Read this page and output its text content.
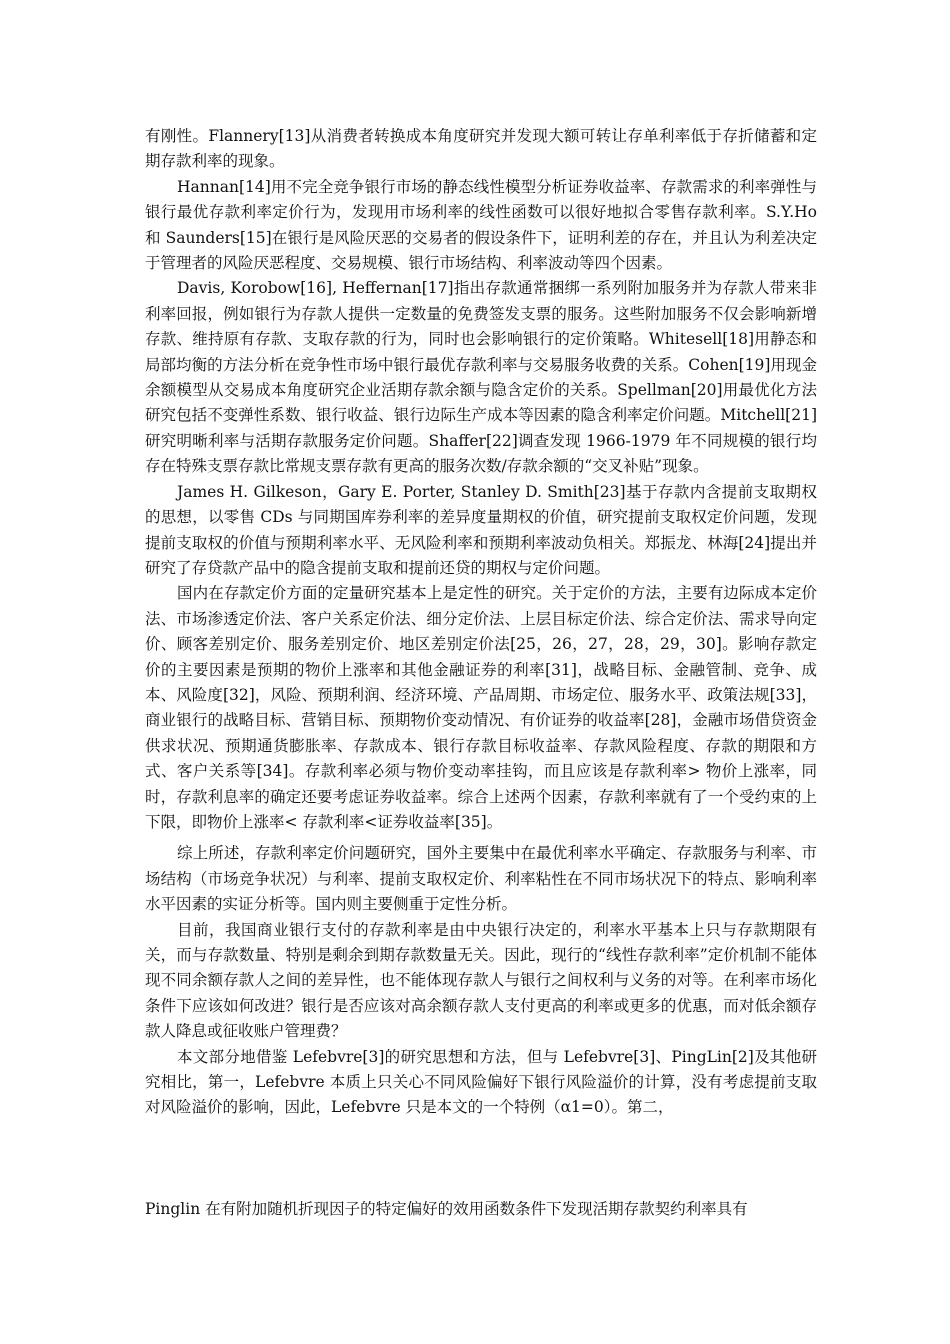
有刚性。Flannery[13]从消费者转换成本角度研究并发现大额可转让存单利率低于存折储蓄和定期存款利率的现象。

Hannan[14]用不完全竞争银行市场的静态线性模型分析证券收益率、存款需求的利率弹性与银行最优存款利率定价行为，发现用市场利率的线性函数可以很好地拟合零售存款利率。S.Y.Ho 和 Saunders[15]在银行是风险厌恶的交易者的假设条件下，证明利差的存在，并且认为利差决定于管理者的风险厌恶程度、交易规模、银行市场结构、利率波动等四个因素。

Davis, Korobow[16], Heffernan[17]指出存款通常捆绑一系列附加服务并为存款人带来非利率回报，例如银行为存款人提供一定数量的免费签发支票的服务。这些附加服务不仅会影响新增存款、维持原有存款、支取存款的行为，同时也会影响银行的定价策略。Whitesell[18]用静态和局部均衡的方法分析在竞争性市场中银行最优存款利率与交易服务收费的关系。Cohen[19]用现金余额模型从交易成本角度研究企业活期存款余额与隐含定价的关系。Spellman[20]用最优化方法研究包括不变弹性系数、银行收益、银行边际生产成本等因素的隐含利率定价问题。Mitchell[21]研究明晰利率与活期存款服务定价问题。Shaffer[22]调查发现 1966-1979 年不同规模的银行均存在特殊支票存款比常规支票存款有更高的服务次数/存款余额的“交叉补贴”现象。

James H. Gilkeson，Gary E. Porter, Stanley D. Smith[23]基于存款内含提前支取期权的思想，以零售 CDs 与同期国库券利率的差异度量期权的价值，研究提前支取权定价问题，发现提前支取权的价值与预期利率水平、无风险利率和预期利率波动负相关。郑振龙、林海[24]提出并研究了存贷款产品中的隐含提前支取和提前还贷的期权与定价问题。

国内在存款定价方面的定量研究基本上是定性的研究。关于定价的方法，主要有边际成本定价法、市场渗透定价法、客户关系定价法、细分定价法、上层目标定价法、综合定价法、需求导向定价、顾客差别定价、服务差别定价、地区差别定价法[25，26，27，28，29，30]。影响存款定价的主要因素是预期的物价上涨率和其他金融证券的利率[31]，战略目标、金融管制、竞争、成本、风险度[32]，风险、预期利润、经济环境、产品周期、市场定位、服务水平、政策法规[33]，商业银行的战略目标、营销目标、预期物价变动情况、有价证券的收益率[28]，金融市场借贷资金供求状况、预期通货膨胀率、存款成本、银行存款目标收益率、存款风险程度、存款的期限和方式、客户关系等[34]。存款利率必须与物价变动率挂钩，而且应该是存款利率> 物价上涨率，同时，存款利息率的确定还要考虑证券收益率。综合上述两个因素，存款利率就有了一个受约束的上下限，即物价上涨率< 存款利率<证券收益率[35]。

综上所述，存款利率定价问题研究，国外主要集中在最优利率水平确定、存款服务与利率、市场结构（市场竞争状况）与利率、提前支取权定价、利率粘性在不同市场状况下的特点、影响利率水平因素的实证分析等。国内则主要侧重于定性分析。

目前，我国商业银行支付的存款利率是由中央银行决定的，利率水平基本上只与存款期限有关，而与存款数量、特别是剩余到期存款数量无关。因此，现行的“线性存款利率”定价机制不能体现不同余额存款人之间的差异性，也不能体现存款人与银行之间权利与义务的对等。在利率市场化条件下应该如何改进？银行是否应该对高余额存款人支付更高的利率或更多的优惠，而对低余额存款人降息或征收账户管理费？

本文部分地借鉴 Lefebvre[3]的研究思想和方法，但与 Lefebvre[3]、PingLin[2]及其他研究相比，第一，Lefebvre 本质上只关心不同风险偏好下银行风险溢价的计算，没有考虑提前支取对风险溢价的影响，因此，Lefebvre 只是本文的一个特例（α1=0）。第二，

Pinglin 在有附加随机折现因子的特定偏好的效用函数条件下发现活期存款契约利率具有
